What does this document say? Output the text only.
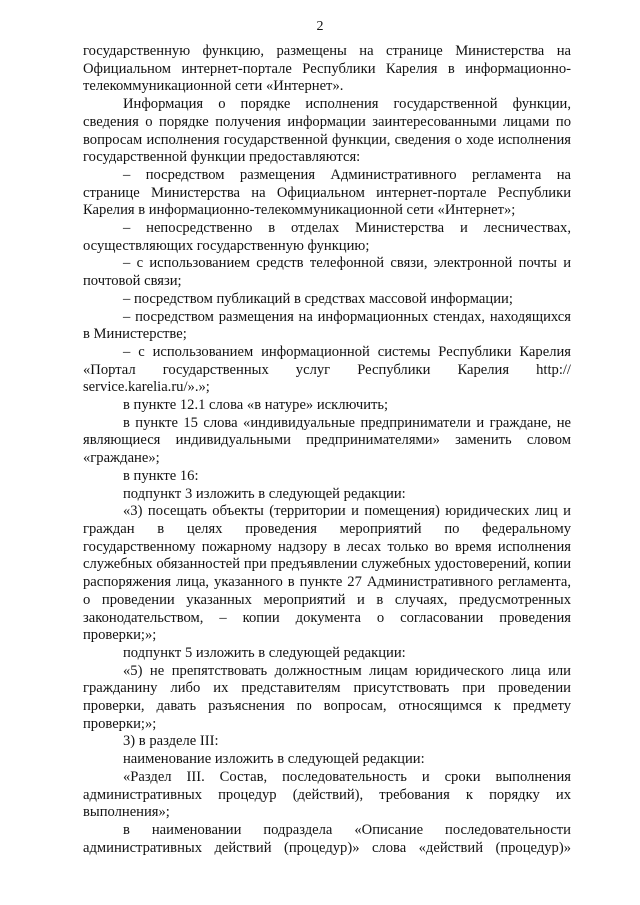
2

государственную функцию, размещены на странице Министерства на Официальном интернет-портале Республики Карелия в информационно-телекоммуникационной сети «Интернет».

Информация о порядке исполнения государственной функции, сведения о порядке получения информации заинтересованными лицами по вопросам исполнения государственной функции, сведения о ходе исполнения государственной функции предоставляются:

– посредством размещения Административного регламента на странице Министерства на Официальном интернет-портале Республики Карелия в информационно-телекоммуникационной сети «Интернет»;

– непосредственно в отделах Министерства и лесничествах, осуществляющих государственную функцию;

– с использованием средств телефонной связи, электронной почты и почтовой связи;

– посредством публикаций в средствах массовой информации;

– посредством размещения на информационных стендах, находящихся в Министерстве;

– с использованием информационной системы Республики Карелия «Портал государственных услуг Республики Карелия http:// service.karelia.ru/».»;

в пункте 12.1 слова «в натуре» исключить;

в пункте 15 слова «индивидуальные предприниматели и граждане, не являющиеся индивидуальными предпринимателями» заменить словом «граждане»;

в пункте 16:

подпункт 3 изложить в следующей редакции:

«3) посещать объекты (территории и помещения) юридических лиц и граждан в целях проведения мероприятий по федеральному государственному пожарному надзору в лесах только во время исполнения служебных обязанностей при предъявлении служебных удостоверений, копии распоряжения лица, указанного в пункте 27 Административного регламента, о проведении указанных мероприятий и в случаях, предусмотренных законодательством, – копии документа о согласовании проведения проверки;»;

подпункт 5 изложить в следующей редакции:

«5) не препятствовать должностным лицам юридического лица или гражданину либо их представителям присутствовать при проведении проверки, давать разъяснения по вопросам, относящимся к предмету проверки;»;

3) в разделе III:

наименование изложить в следующей редакции:

«Раздел III. Состав, последовательность и сроки выполнения административных процедур (действий), требования к порядку их выполнения»;

в наименовании подраздела «Описание последовательности административных действий (процедур)» слова «действий (процедур)»
